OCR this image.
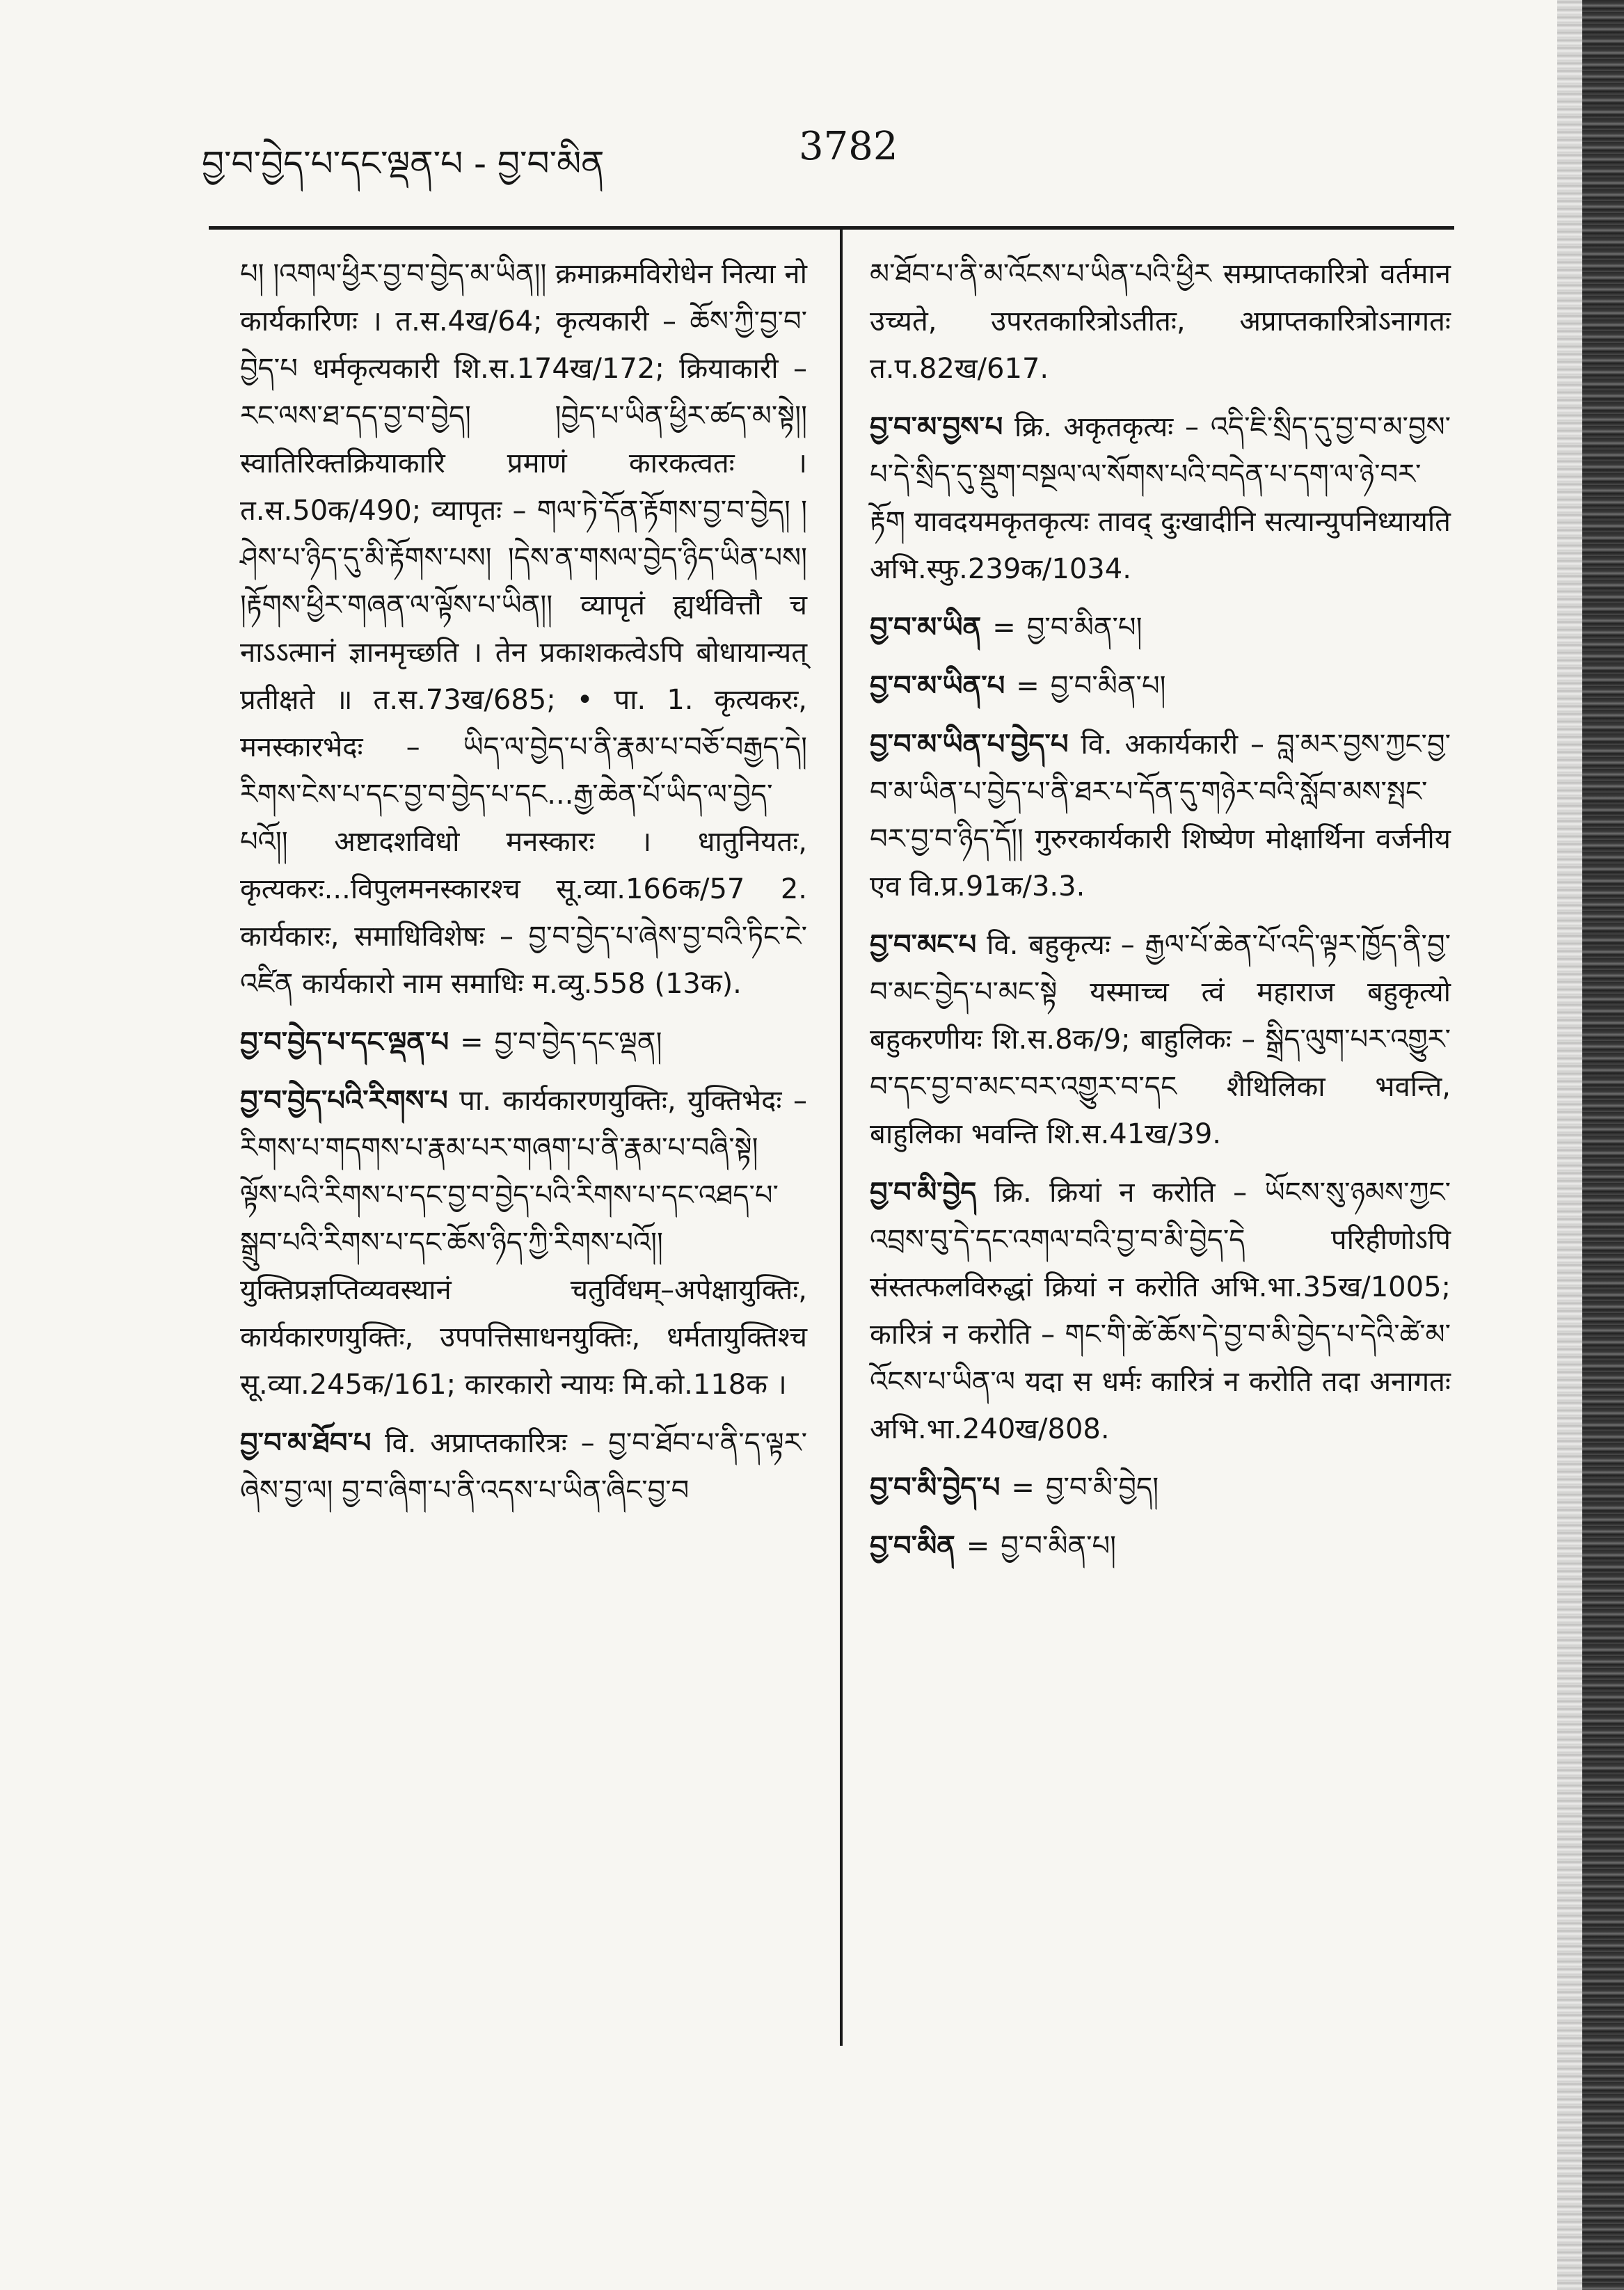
བྱ་བ་བྱེད་པ་དང་ལྡན་པ - བྱ་བ་མིན	3782

པ། །འགལ་ཕྱིར་བྱ་བ་བྱེད་མ་ཡིན།། क्रमाक्रमविरोधेन नित्या नो कार्यकारिणः । त.स.4ख/64; कृत्यकारी – ཆོས་ཀྱི་བྱ་བ་བྱེད་པ धर्मकृत्यकारी शि.स.174ख/172; क्रियाकारी – རང་ལས་ཐ་དད་བྱ་བ་བྱེད། །བྱེད་པ་ཡིན་ཕྱིར་ཚད་མ་སྟེ།། स्वातिरिक्तक्रियाकारि प्रमाणं कारकत्वतः । त.स.50क/490; व्यापृतः – གལ་ཏེ་དོན་རྟོགས་བྱ་བ་བྱེད། །ཤེས་པ་ཉིད་དུ་མི་རྟོགས་པས། །དེས་ན་གསལ་བྱེད་ཉིད་ཡིན་པས། །རྟོགས་ཕྱིར་གཞན་ལ་ལྟོས་པ་ཡིན།། व्यापृतं ह्यर्थवित्तौ च नाऽऽत्मानं ज्ञानमृच्छति । तेन प्रकाशकत्वेऽपि बोधायान्यत् प्रतीक्षते ॥ त.स.73ख/685; • पा. 1. कृत्यकरः, मनस्कारभेदः – ཡིད་ལ་བྱེད་པ་ནི་རྣམ་པ་བཅོ་བརྒྱད་དེ། རིགས་ངེས་པ་དང་བྱ་བ་བྱེད་པ་དང...རྒྱ་ཆེན་པོ་ཡིད་ལ་བྱེད་པའོ།། अष्टादशविधो मनस्कारः । धातुनियतः, कृत्यकरः...विपुलमनस्कारश्च सू.व्या.166क/57 2. कार्यकारः, समाधिविशेषः – བྱ་བ་བྱེད་པ་ཞེས་བྱ་བའི་ཏིང་ངེ་འཛིན कार्यकारो नाम समाधिः म.व्यु.558 (13क).

བྱ་བ་བྱེད་པ་དང་ལྡན་པ = བྱ་བ་བྱེད་དང་ལྡན།

བྱ་བ་བྱེད་པའི་རིགས་པ पा. कार्यकारणयुक्तिः, युक्तिभेदः – རིགས་པ་གདགས་པ་རྣམ་པར་གཞག་པ་ནི་རྣམ་པ་བཞི་སྟེ། ལྟོས་པའི་རིགས་པ་དང་བྱ་བ་བྱེད་པའི་རིགས་པ་དང་འཐད་པ་སྒྲུབ་པའི་རིགས་པ་དང་ཆོས་ཉིད་ཀྱི་རིགས་པའོ།། युक्तिप्रज्ञप्तिव्यवस्थानं चतुर्विधम्–अपेक्षायुक्तिः, कार्यकारणयुक्तिः, उपपत्तिसाधनयुक्तिः, धर्मतायुक्तिश्च सू.व्या.245क/161; कारकारो न्यायः मि.को.118क ।

བྱ་བ་མ་ཐོབ་པ वि. अप्राप्तकारित्रः – བྱ་བ་ཐོབ་པ་ནི་ད་ལྟར་ཞེས་བྱ་ལ། བྱ་བ་ཞིག་པ་ནི་འདས་པ་ཡིན་ཞིང་བྱ་བ

མ་ཐོབ་པ་ནི་མ་འོངས་པ་ཡིན་པའི་ཕྱིར सम्प्राप्तकारित्रो वर्तमान उच्यते, उपरतकारित्रोऽतीतः, अप्राप्तकारित्रोऽनागतः त.प.82ख/617.

བྱ་བ་མ་བྱས་པ क्रि. अकृतकृत्यः – འདི་ཇི་སྲིད་དུ་བྱ་བ་མ་བྱས་པ་དེ་སྲིད་དུ་སྡུག་བསྔལ་ལ་སོགས་པའི་བདེན་པ་དག་ལ་ཉེ་བར་རྟོག यावदयमकृतकृत्यः तावद् दुःखादीनि सत्यान्युपनिध्यायति अभि.स्फु.239क/1034.

བྱ་བ་མ་ཡིན = བྱ་བ་མིན་པ།

བྱ་བ་མ་ཡིན་པ = བྱ་བ་མིན་པ།

བྱ་བ་མ་ཡིན་པ་བྱེད་པ वि. अकार्यकारी – བླ་མར་བྱས་ཀྱང་བྱ་བ་མ་ཡིན་པ་བྱེད་པ་ནི་ཐར་པ་དོན་དུ་གཉེར་བའི་སློབ་མས་སྤང་བར་བྱ་བ་ཉིད་དོ།། गुरुरकार्यकारी शिष्येण मोक्षार्थिना वर्जनीय एव वि.प्र.91क/3.3.

བྱ་བ་མང་པ वि. बहुकृत्यः – རྒྱལ་པོ་ཆེན་པོ་འདི་ལྟར་ཁྱོད་ནི་བྱ་བ་མང་བྱེད་པ་མང་སྟེ यस्माच्च त्वं महाराज बहुकृत्यो बहुकरणीयः शि.स.8क/9; बाहुलिकः – སྒྲིད་ལུག་པར་འགྱུར་བ་དང་བྱ་བ་མང་བར་འགྱུར་བ་དང शैथिलिका भवन्ति, बाहुलिका भवन्ति शि.स.41ख/39.

བྱ་བ་མི་བྱེད क्रि. क्रियां न करोति – ཡོངས་སུ་ཉམས་ཀྱང་འབྲས་བུ་དེ་དང་འགལ་བའི་བྱ་བ་མི་བྱེད་དེ परिहीणोऽपि संस्तत्फलविरुद्धां क्रियां न करोति अभि.भा.35ख/1005; कारित्रं न करोति – གང་གི་ཚེ་ཆོས་དེ་བྱ་བ་མི་བྱེད་པ་དེའི་ཚེ་མ་འོངས་པ་ཡིན་ལ यदा स धर्मः कारित्रं न करोति तदा अनागतः अभि.भा.240ख/808.

བྱ་བ་མི་བྱེད་པ = བྱ་བ་མི་བྱེད།

བྱ་བ་མིན = བྱ་བ་མིན་པ།
